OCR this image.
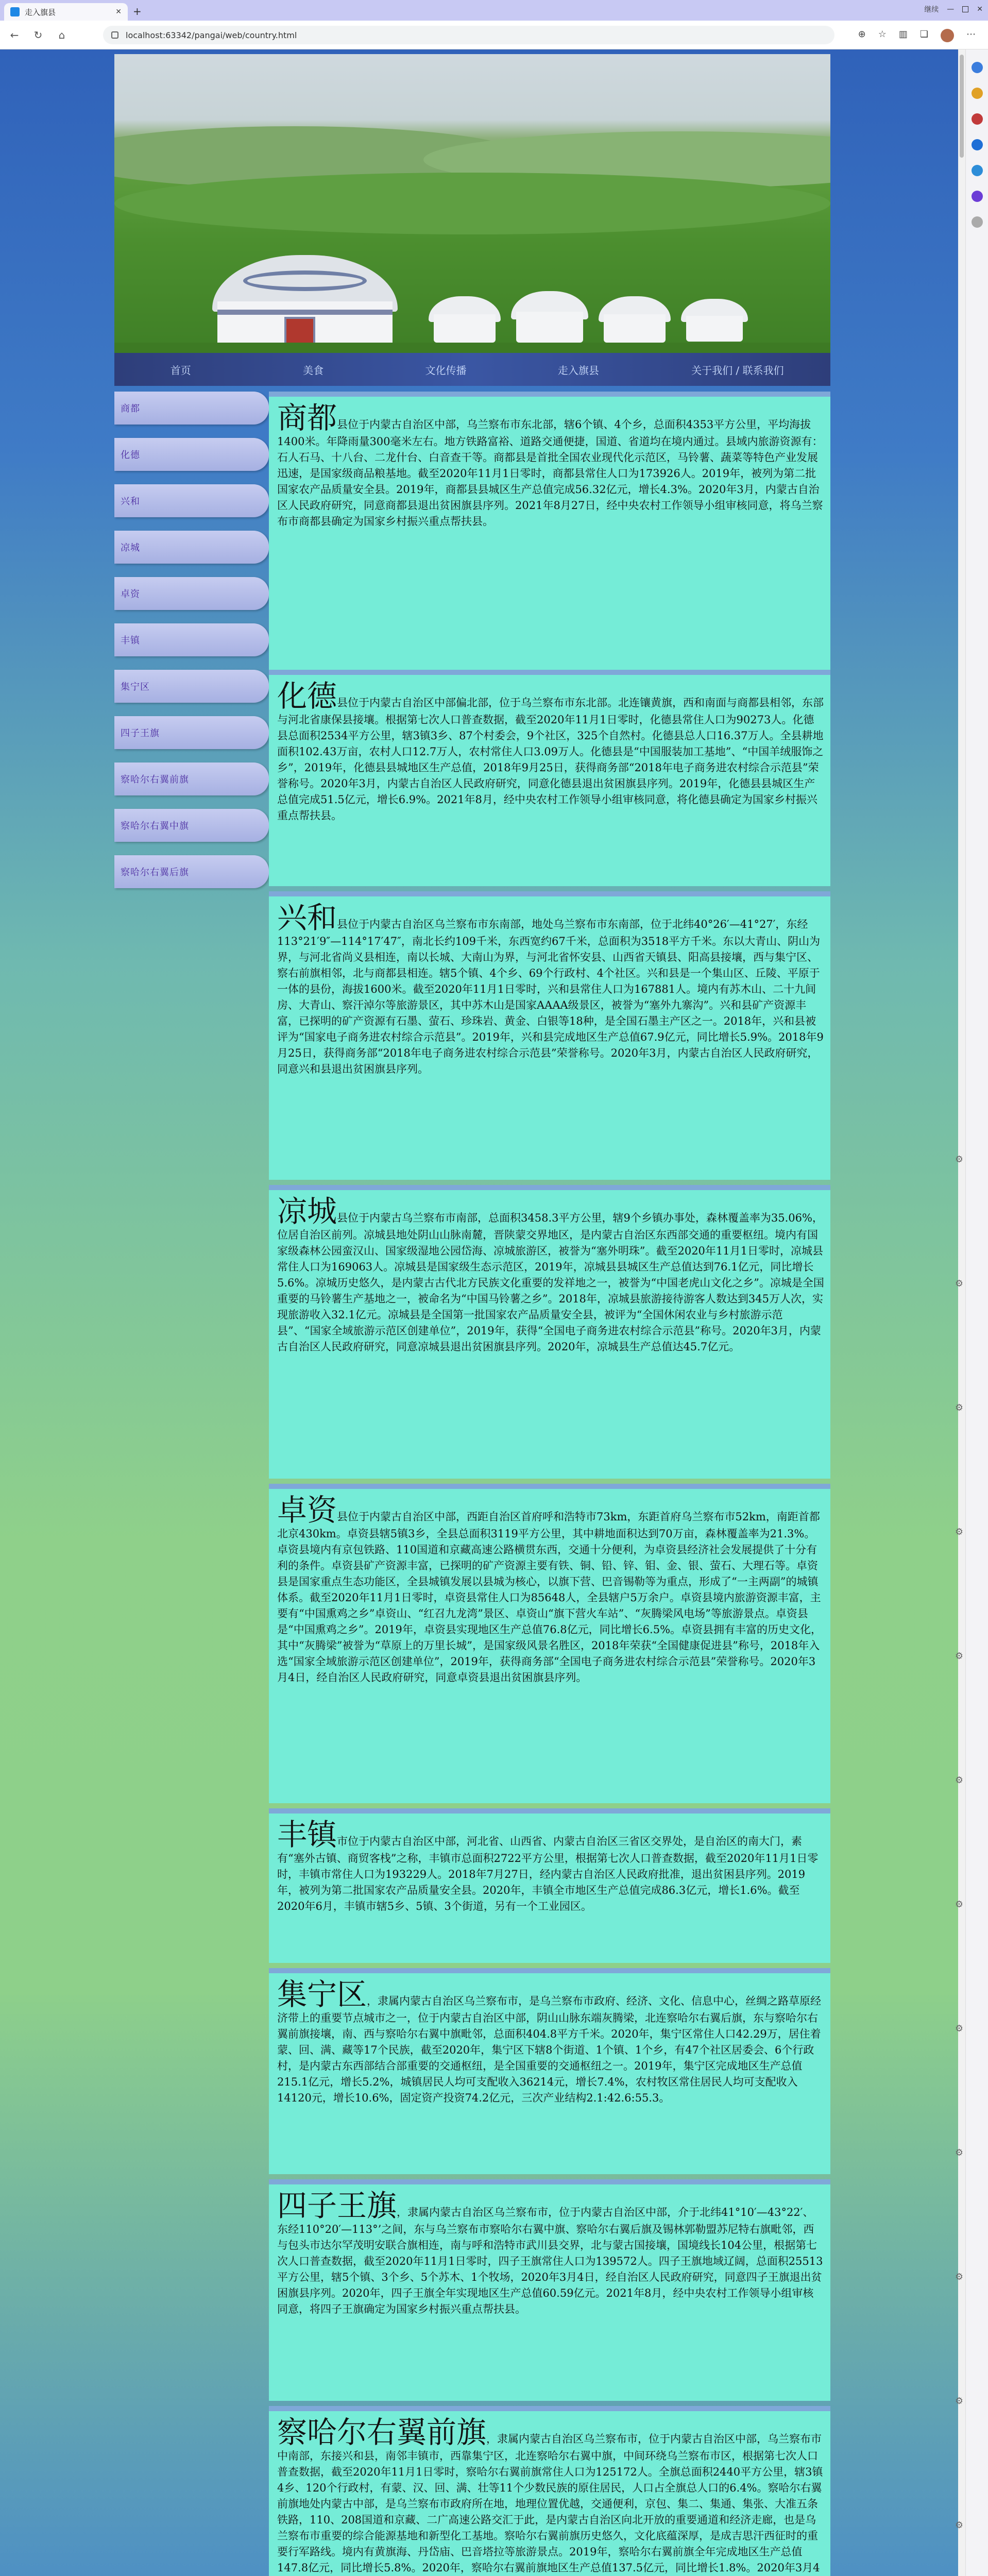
走入旗县	✕ +	继续 —	✕
←	↻	⌂	localhost:63342/pangai/web/country.html	⊕ ☆ ▥ ❏	⋯
⚙
⚙
⚙
⚙
⚙
⚙
⚙
⚙
⚙
⚙
⚙
⚙
首页	美食	文化传播	走入旗县	关于我们 / 联系我们
商都
化德
兴和
凉城
卓资
丰镇
集宁区
四子王旗
察哈尔右翼前旗
察哈尔右翼中旗
察哈尔右翼后旗
商都

县位于内蒙古自治区中部，乌兰察布市东北部，辖6个镇、4个乡，总面积4353平方公里，平均海拔1400米。年降雨量300毫米左右。地方铁路富裕、道路交通便捷，国道、省道均在境内通过。县域内旅游资源有：石人石马、十八台、二龙什台、白音查干等。商都县是首批全国农业现代化示范区，马铃薯、蔬菜等特色产业发展迅速，是国家级商品粮基地。截至2020年11月1日零时，商都县常住人口为173926人。2019年，被列为第二批国家农产品质量安全县。2019年，商都县县城区生产总值完成56.32亿元，增长4.3%。2020年3月，内蒙古自治区人民政府研究，同意商都县退出贫困旗县序列。2021年8月27日，经中央农村工作领导小组审核同意，将乌兰察布市商都县确定为国家乡村振兴重点帮扶县。

化德

县位于内蒙古自治区中部偏北部，位于乌兰察布市东北部。北连镶黄旗，西和南面与商都县相邻，东部与河北省康保县接壤。根据第七次人口普查数据，截至2020年11月1日零时，化德县常住人口为90273人。化德县总面积2534平方公里，辖3镇3乡、87个村委会，9个社区，325个自然村。化德县总人口16.37万人。全县耕地面积102.43万亩，农村人口12.7万人，农村常住人口3.09万人。化德县是“中国服装加工基地”、“中国羊绒服饰之乡”，2019年，化德县县城地区生产总值，2018年9月25日，获得商务部“2018年电子商务进农村综合示范县”荣誉称号。2020年3月，内蒙古自治区人民政府研究，同意化德县退出贫困旗县序列。2019年，化德县县城区生产总值完成51.5亿元，增长6.9%。2021年8月，经中央农村工作领导小组审核同意，将化德县确定为国家乡村振兴重点帮扶县。

兴和

县位于内蒙古自治区乌兰察布市东南部，地处乌兰察布市东南部，位于北纬40°26′—41°27′，东经113°21′9″—114°17′47″，南北长约109千米，东西宽约67千米，总面积为3518平方千米。东以大青山、阴山为界，与河北省尚义县相连，南以长城、大南山为界，与河北省怀安县、山西省天镇县、阳高县接壤，西与集宁区、察右前旗相邻，北与商都县相连。辖5个镇、4个乡、69个行政村、4个社区。兴和县是一个集山区、丘陵、平原于一体的县份，海拔1600米。截至2020年11月1日零时，兴和县常住人口为167881人。境内有苏木山、二十九间房、大青山、察汗淖尔等旅游景区，其中苏木山是国家AAAA级景区，被誉为“塞外九寨沟”。兴和县矿产资源丰富，已探明的矿产资源有石墨、萤石、珍珠岩、黄金、白银等18种，是全国石墨主产区之一。2018年，兴和县被评为“国家电子商务进农村综合示范县”。2019年，兴和县完成地区生产总值67.9亿元，同比增长5.9%。2018年9月25日，获得商务部“2018年电子商务进农村综合示范县”荣誉称号。2020年3月，内蒙古自治区人民政府研究，同意兴和县退出贫困旗县序列。

凉城

县位于内蒙古乌兰察布市南部，总面积3458.3平方公里，辖9个乡镇办事处，森林覆盖率为35.06%，位居自治区前列。凉城县地处阴山山脉南麓，晋陕蒙交界地区，是内蒙古自治区东西部交通的重要枢纽。境内有国家级森林公园蛮汉山、国家级湿地公园岱海、凉城旅游区，被誉为“塞外明珠”。截至2020年11月1日零时，凉城县常住人口为169063人。凉城县是国家级生态示范区，2019年，凉城县县城区生产总值达到76.1亿元，同比增长5.6%。凉城历史悠久，是内蒙古古代北方民族文化重要的发祥地之一，被誉为“中国老虎山文化之乡”。凉城是全国重要的马铃薯生产基地之一，被命名为“中国马铃薯之乡”。2018年，凉城县旅游接待游客人数达到345万人次，实现旅游收入32.1亿元。凉城县是全国第一批国家农产品质量安全县，被评为“全国休闲农业与乡村旅游示范县”、“国家全域旅游示范区创建单位”，2019年，获得“全国电子商务进农村综合示范县”称号。2020年3月，内蒙古自治区人民政府研究，同意凉城县退出贫困旗县序列。2020年，凉城县生产总值达45.7亿元。

卓资

县位于内蒙古自治区中部，西距自治区首府呼和浩特市73km，东距首府乌兰察布市52km，南距首都北京430km。卓资县辖5镇3乡，全县总面积3119平方公里，其中耕地面积达到70万亩，森林覆盖率为21.3%。卓资县境内有京包铁路、110国道和京藏高速公路横贯东西，交通十分便利，为卓资县经济社会发展提供了十分有利的条件。卓资县矿产资源丰富，已探明的矿产资源主要有铁、铜、铅、锌、钼、金、银、萤石、大理石等。卓资县是国家重点生态功能区，全县城镇发展以县城为核心，以旗下营、巴音锡勒等为重点，形成了“一主两副”的城镇体系。截至2020年11月1日零时，卓资县常住人口为85648人，全县辖户5万余户。卓资县境内旅游资源丰富，主要有“中国熏鸡之乡”卓资山、“红召九龙湾”景区、卓资山“旗下营火车站”、“灰腾梁风电场”等旅游景点。卓资县是“中国熏鸡之乡”。2019年，卓资县实现地区生产总值76.8亿元，同比增长6.5%。卓资县拥有丰富的历史文化，其中“灰腾梁”被誉为“草原上的万里长城”，是国家级风景名胜区，2018年荣获“全国健康促进县”称号，2018年入选“国家全域旅游示范区创建单位”，2019年，获得商务部“全国电子商务进农村综合示范县”荣誉称号。2020年3月4日，经自治区人民政府研究，同意卓资县退出贫困旗县序列。

丰镇

市位于内蒙古自治区中部，河北省、山西省、内蒙古自治区三省区交界处，是自治区的南大门，素有“塞外古镇、商贸客栈”之称，丰镇市总面积2722平方公里，根据第七次人口普查数据，截至2020年11月1日零时，丰镇市常住人口为193229人。2018年7月27日，经内蒙古自治区人民政府批准，退出贫困县序列。2019年，被列为第二批国家农产品质量安全县。2020年，丰镇全市地区生产总值完成86.3亿元，增长1.6%。截至2020年6月，丰镇市辖5乡、5镇、3个街道，另有一个工业园区。

集宁区

，隶属内蒙古自治区乌兰察布市，是乌兰察布市政府、经济、文化、信息中心，丝绸之路草原经济带上的重要节点城市之一，位于内蒙古自治区中部，阴山山脉东端灰腾梁，北连察哈尔右翼后旗，东与察哈尔右翼前旗接壤，南、西与察哈尔右翼中旗毗邻，总面积404.8平方千米。2020年，集宁区常住人口42.29万，居住着蒙、回、满、藏等17个民族，截至2020年，集宁区下辖8个街道、1个镇、1个乡，有47个社区居委会、6个行政村，是内蒙古东西部结合部重要的交通枢纽，是全国重要的交通枢纽之一。2019年，集宁区完成地区生产总值215.1亿元，增长5.2%，城镇居民人均可支配收入36214元，增长7.4%，农村牧区常住居民人均可支配收入14120元，增长10.6%，固定资产投资74.2亿元，三次产业结构2.1:42.6:55.3。

四子王旗

，隶属内蒙古自治区乌兰察布市，位于内蒙古自治区中部，介于北纬41°10′—43°22′、东经110°20′—113°’之间，东与乌兰察布市察哈尔右翼中旗、察哈尔右翼后旗及锡林郭勒盟苏尼特右旗毗邻，西与包头市达尔罕茂明安联合旗相连，南与呼和浩特市武川县交界，北与蒙古国接壤，国境线长104公里，根据第七次人口普查数据，截至2020年11月1日零时，四子王旗常住人口为139572人。四子王旗地域辽阔，总面积25513平方公里，辖5个镇、3个乡、5个苏木、1个牧场，2020年3月4日，经自治区人民政府研究，同意四子王旗退出贫困旗县序列。2020年，四子王旗全年实现地区生产总值60.59亿元。2021年8月，经中央农村工作领导小组审核同意，将四子王旗确定为国家乡村振兴重点帮扶县。

察哈尔右翼前旗

，隶属内蒙古自治区乌兰察布市，位于内蒙古自治区中部，乌兰察布市中南部，东接兴和县，南邻丰镇市，西靠集宁区，北连察哈尔右翼中旗，中间环绕乌兰察布市区，根据第七次人口普查数据，截至2020年11月1日零时，察哈尔右翼前旗常住人口为125172人。全旗总面积2440平方公里，辖3镇4乡、120个行政村，有蒙、汉、回、满、壮等11个少数民族的原住居民，人口占全旗总人口的6.4%。察哈尔右翼前旗地处内蒙古中部，是乌兰察布市政府所在地，地理位置优越，交通便利，京包、集二、集通、集张、大准五条铁路，110、208国道和京藏、二广高速公路交汇于此，是内蒙古自治区向北开放的重要通道和经济走廊，也是乌兰察布市重要的综合能源基地和新型化工基地。察哈尔右翼前旗历史悠久，文化底蕴深厚，是成吉思汗西征时的重要行军路线。境内有黄旗海、丹岱庙、巴音塔拉等旅游景点。2019年，察哈尔右翼前旗全年完成地区生产总值147.8亿元，同比增长5.8%。2020年，察哈尔右翼前旗地区生产总值137.5亿元，同比增长1.8%。2020年3月4
